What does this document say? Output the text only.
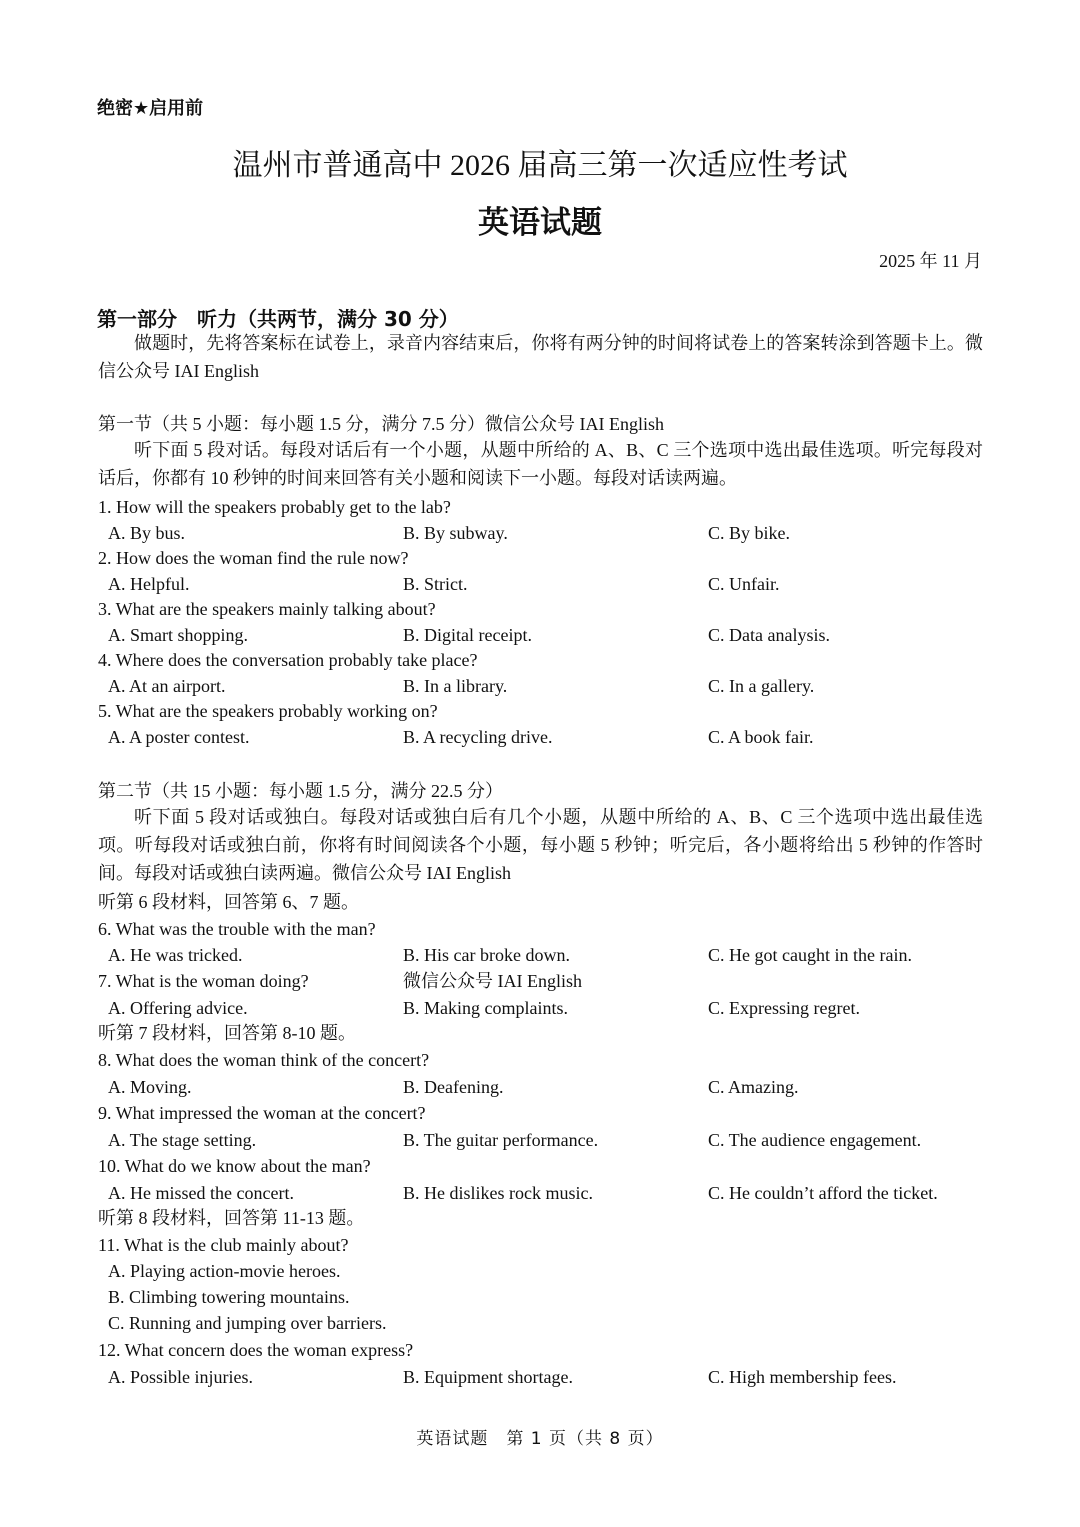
绝密★启用前
温州市普通高中 2026 届高三第一次适应性考试
英语试题
2025 年 11 月
第一部分　听力（共两节，满分 30 分）
做题时，先将答案标在试卷上，录音内容结束后，你将有两分钟的时间将试卷上的答案转涂到答题卡上。微信公众号 IAI English
第一节（共 5 小题：每小题 1.5 分，满分 7.5 分）微信公众号 IAI English
听下面 5 段对话。每段对话后有一个小题，从题中所给的 A、B、C 三个选项中选出最佳选项。听完每段对话后，你都有 10 秒钟的时间来回答有关小题和阅读下一小题。每段对话读两遍。
1. How will the speakers probably get to the lab?
A. By bus.	B. By subway.	C. By bike.
2. How does the woman find the rule now?
A. Helpful.	B. Strict.	C. Unfair.
3. What are the speakers mainly talking about?
A. Smart shopping.	B. Digital receipt.	C. Data analysis.
4. Where does the conversation probably take place?
A. At an airport.	B. In a library.	C. In a gallery.
5. What are the speakers probably working on?
A. A poster contest.	B. A recycling drive.	C. A book fair.
第二节（共 15 小题：每小题 1.5 分，满分 22.5 分）
听下面 5 段对话或独白。每段对话或独白后有几个小题，从题中所给的 A、B、C 三个选项中选出最佳选项。听每段对话或独白前，你将有时间阅读各个小题，每小题 5 秒钟；听完后，各小题将给出 5 秒钟的作答时间。每段对话或独白读两遍。微信公众号 IAI English
听第 6 段材料，回答第 6、7 题。
6. What was the trouble with the man?
A. He was tricked.	B. His car broke down.	C. He got caught in the rain.
7. What is the woman doing?	微信公众号 IAI English
A. Offering advice.	B. Making complaints.	C. Expressing regret.
听第 7 段材料，回答第 8-10 题。
8. What does the woman think of the concert?
A. Moving.	B. Deafening.	C. Amazing.
9. What impressed the woman at the concert?
A. The stage setting.	B. The guitar performance.	C. The audience engagement.
10. What do we know about the man?
A. He missed the concert.	B. He dislikes rock music.	C. He couldn’t afford the ticket.
听第 8 段材料，回答第 11-13 题。
11. What is the club mainly about?
A. Playing action-movie heroes.
B. Climbing towering mountains.
C. Running and jumping over barriers.
12. What concern does the woman express?
A. Possible injuries.	B. Equipment shortage.	C. High membership fees.
英语试题　第 1 页（共 8 页）
